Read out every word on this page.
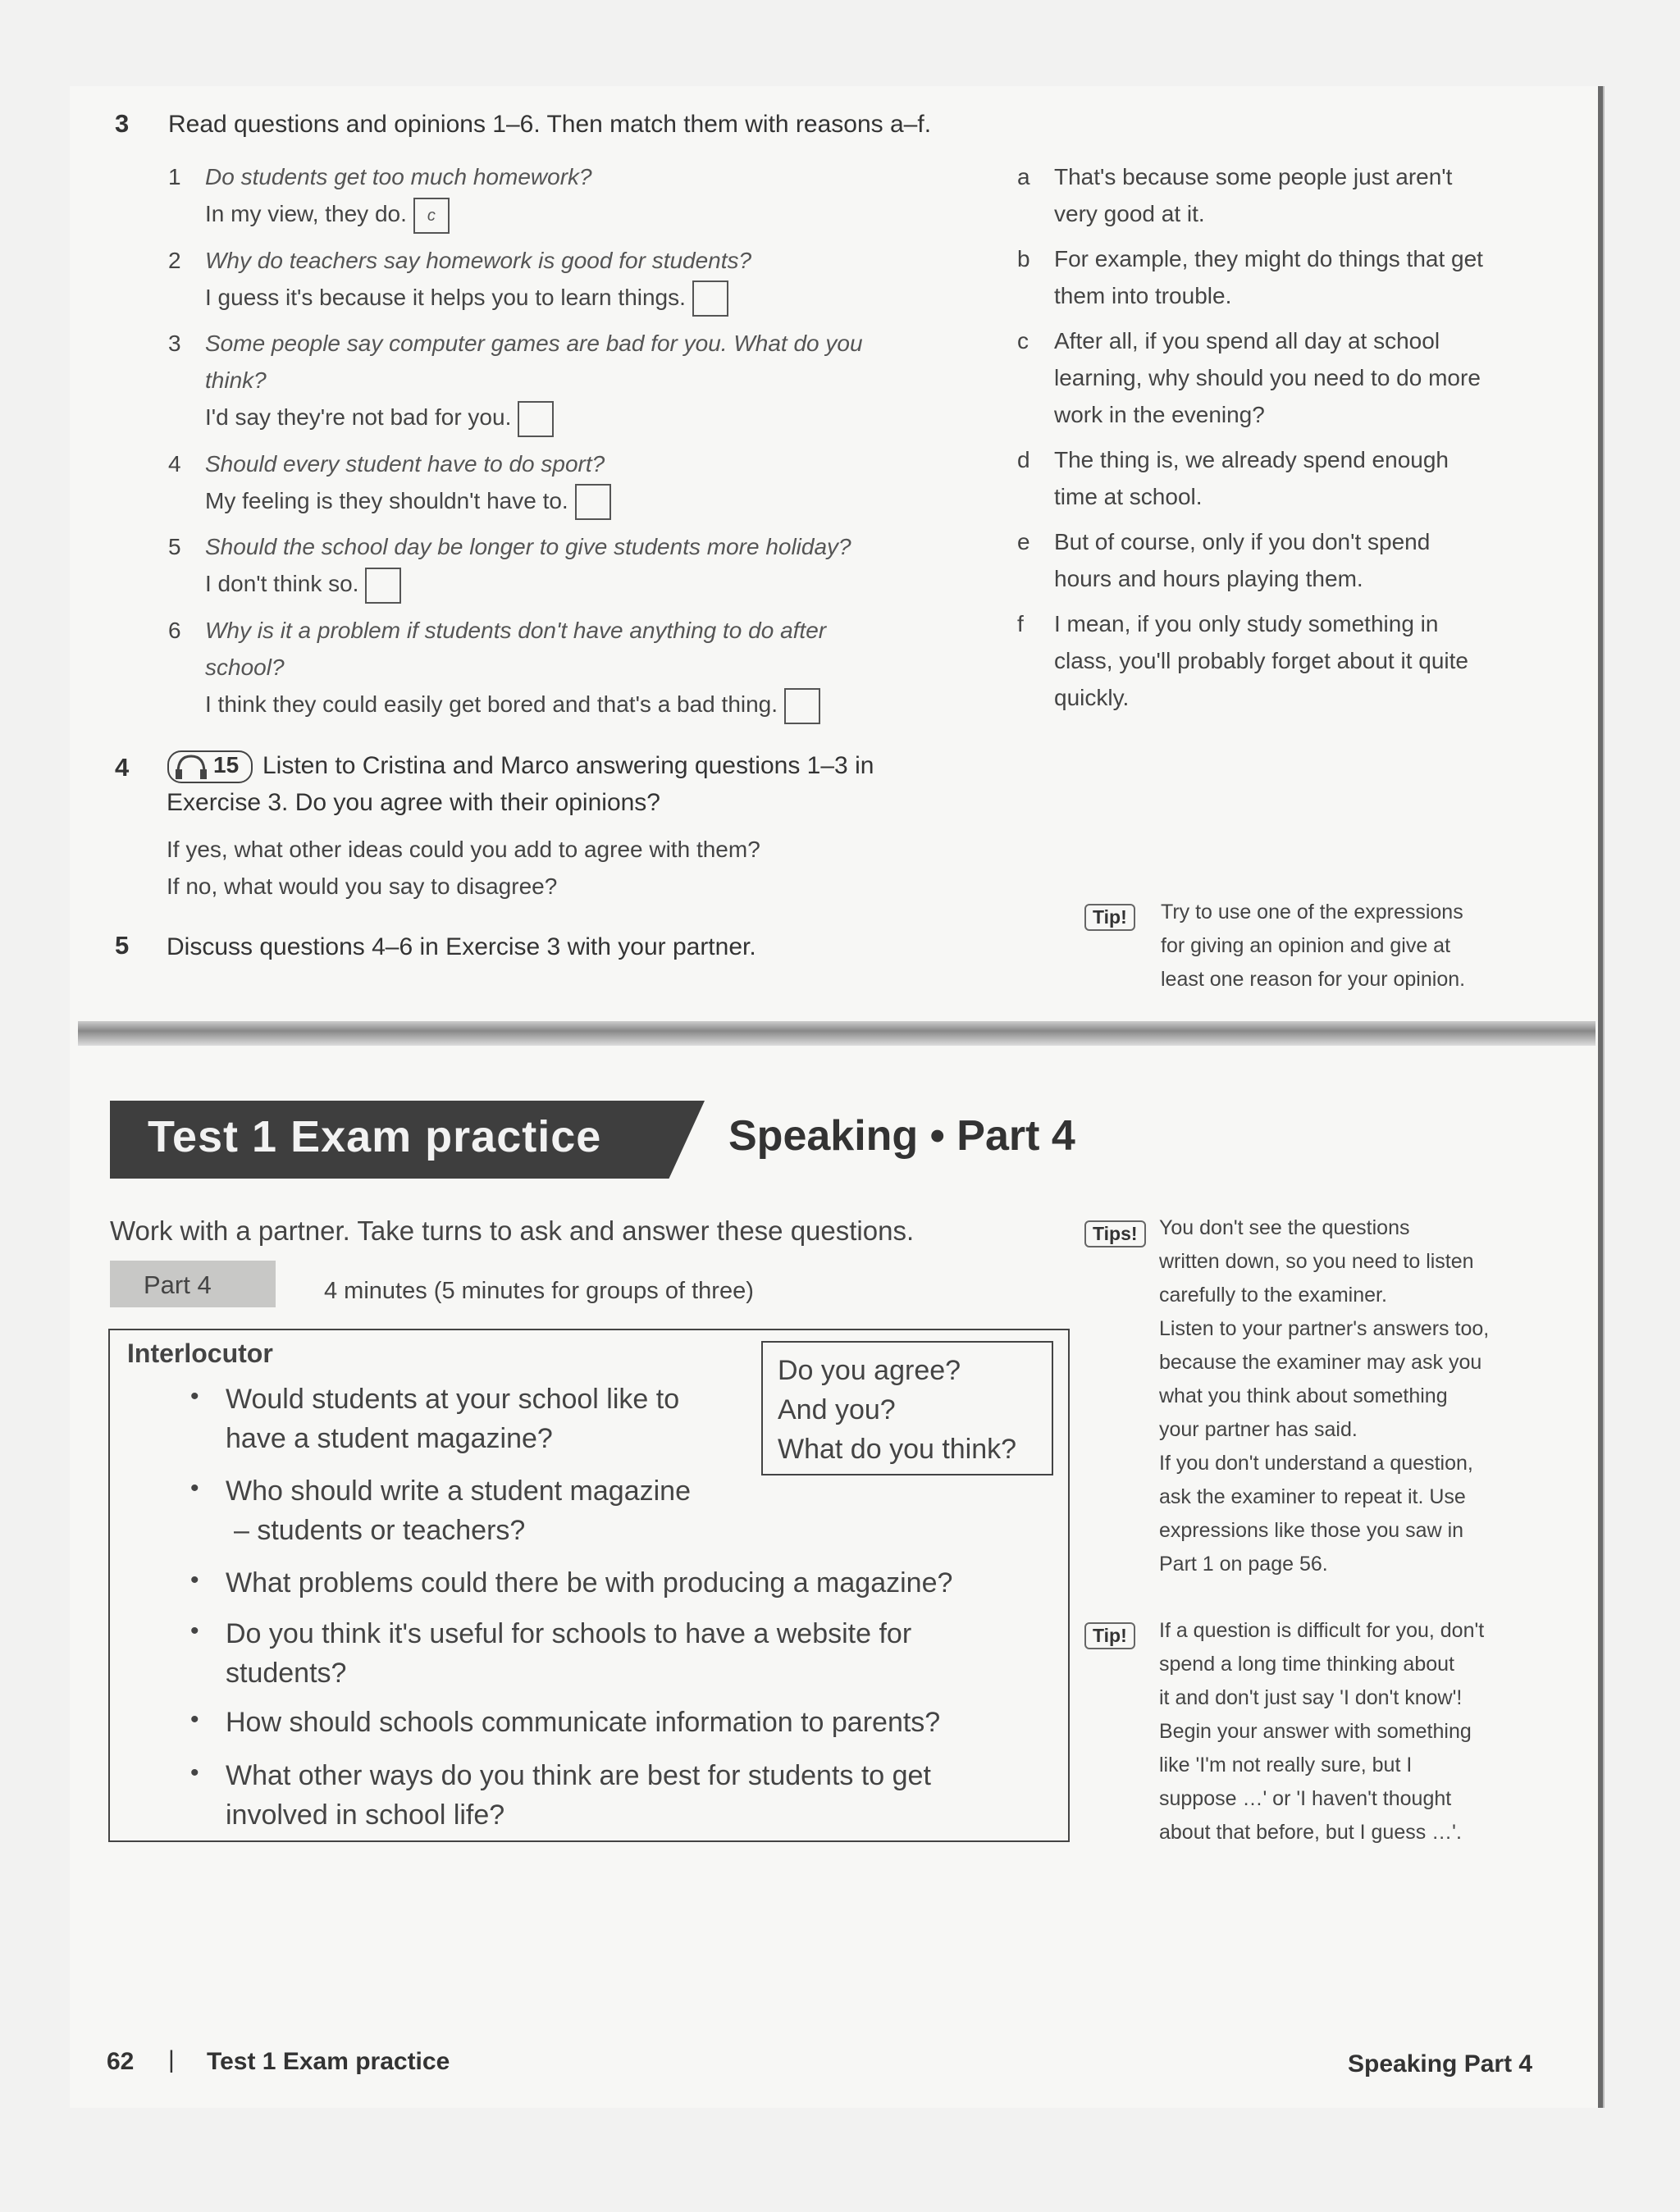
3 Read questions and opinions 1–6. Then match them with reasons a–f.
1 Do students get too much homework?
In my view, they do. c
2 Why do teachers say homework is good for students?
I guess it's because it helps you to learn things.
3 Some people say computer games are bad for you. What do you
think?
I'd say they're not bad for you.
4 Should every student have to do sport?
My feeling is they shouldn't have to.
5 Should the school day be longer to give students more holiday?
I don't think so.
6 Why is it a problem if students don't have anything to do after
school?
I think they could easily get bored and that's a bad thing.
a That's because some people just aren't
very good at it.
b For example, they might do things that get
them into trouble.
c After all, if you spend all day at school
learning, why should you need to do more
work in the evening?
d The thing is, we already spend enough
time at school.
e But of course, only if you don't spend
hours and hours playing them.
f I mean, if you only study something in
class, you'll probably forget about it quite
quickly.
4	15 Listen to Cristina and Marco answering questions 1–3 in
Exercise 3. Do you agree with their opinions?
If yes, what other ideas could you add to agree with them?
If no, what would you say to disagree?
5 Discuss questions 4–6 in Exercise 3 with your partner.
Tip!	Try to use one of the expressions
for giving an opinion and give at
least one reason for your opinion.
Test 1 Exam practice	Speaking • Part 4
Work with a partner. Take turns to ask and answer these questions.
Part 4	4 minutes (5 minutes for groups of three)
Interlocutor
Do you agree?
And you?
What do you think?
• Would students at your school like to
have a student magazine?
• Who should write a student magazine
– students or teachers?
• What problems could there be with producing a magazine?
• Do you think it's useful for schools to have a website for
students?
• How should schools communicate information to parents?
• What other ways do you think are best for students to get
involved in school life?
Tips!	You don't see the questions
written down, so you need to listen
carefully to the examiner.
Listen to your partner's answers too,
because the examiner may ask you
what you think about something
your partner has said.
If you don't understand a question,
ask the examiner to repeat it. Use
expressions like those you saw in
Part 1 on page 56.
Tip!	If a question is difficult for you, don't
spend a long time thinking about
it and don't just say 'I don't know'!
Begin your answer with something
like 'I'm not really sure, but I
suppose …' or 'I haven't thought
about that before, but I guess …'.
62 | Test 1 Exam practice	Speaking Part 4
